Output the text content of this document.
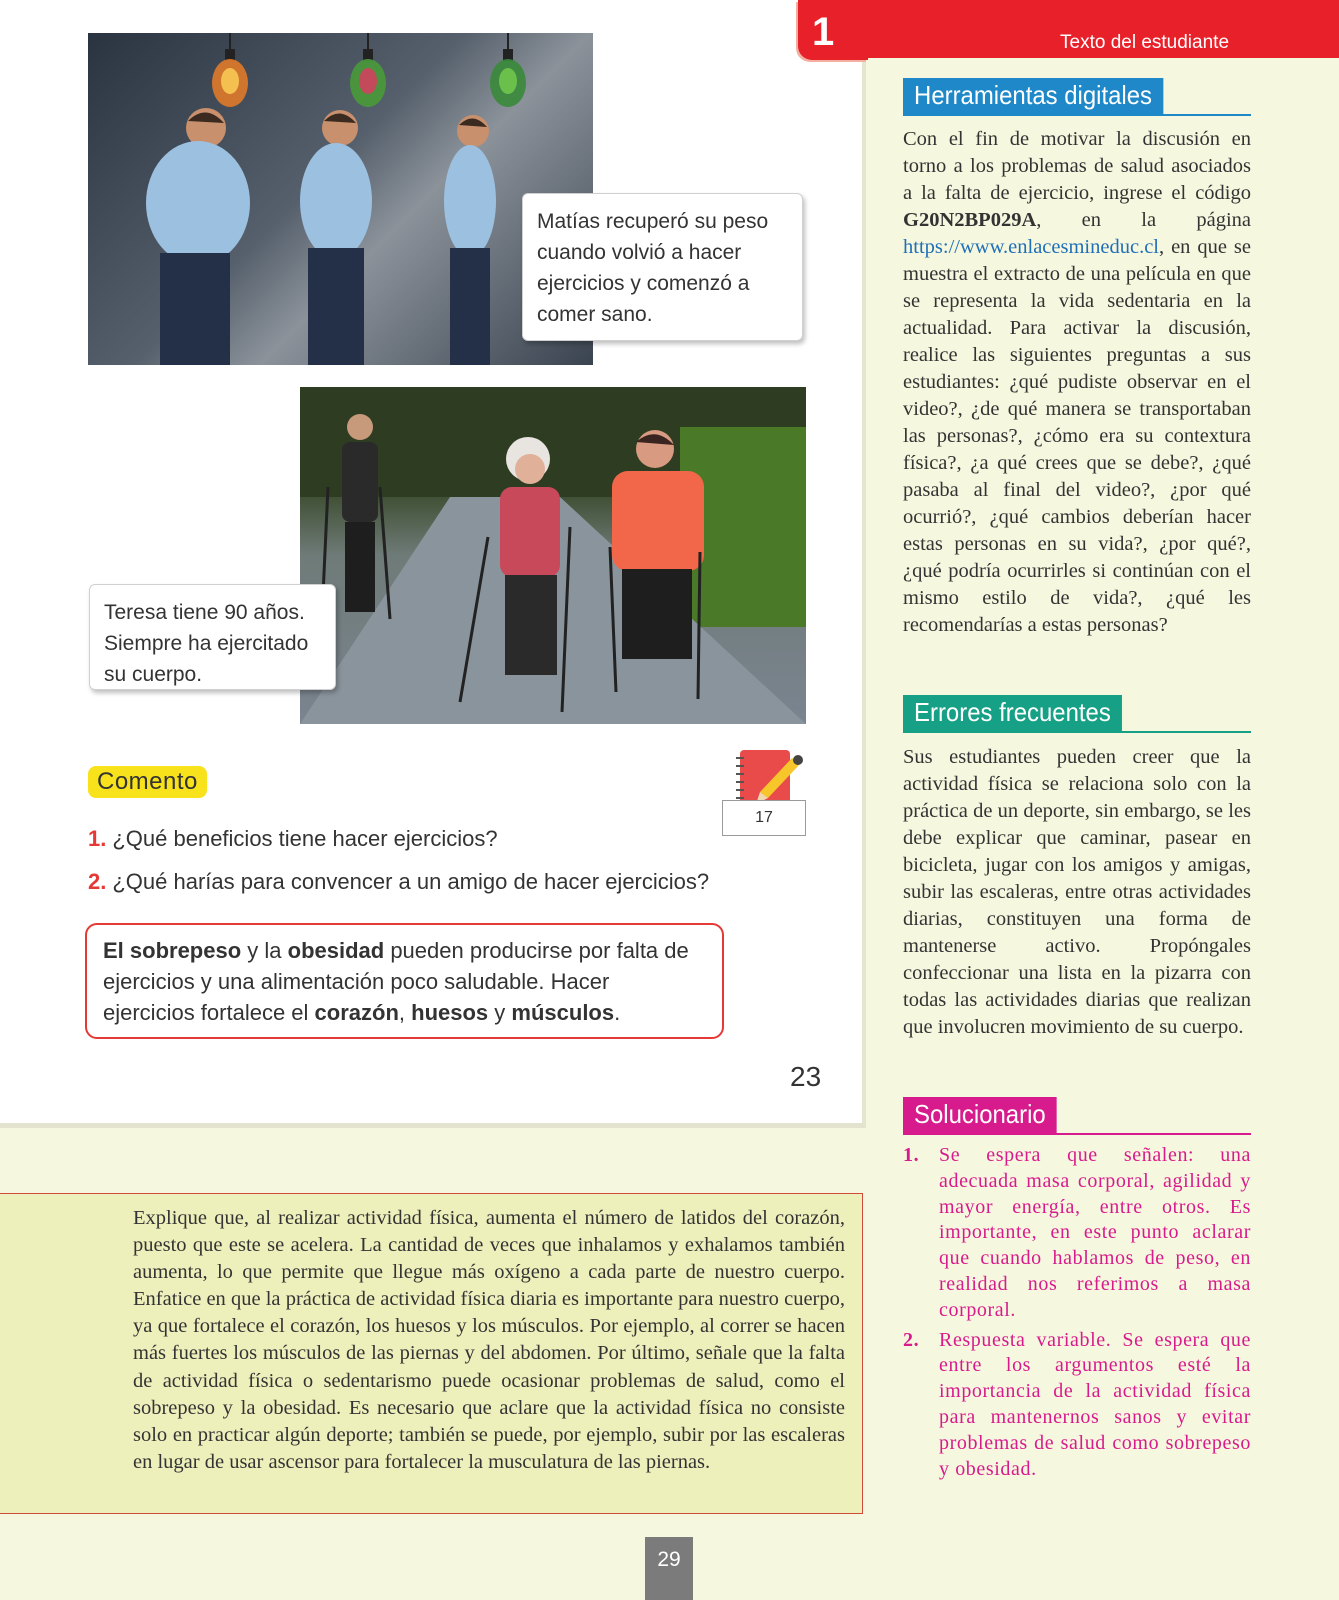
Matías recuperó su peso cuando volvió a hacer ejercicios y comenzó a comer sano.
Teresa tiene 90 años. Siempre ha ejercitado su cuerpo.
Comento
17
1. ¿Qué beneficios tiene hacer ejercicios?
2. ¿Qué harías para convencer a un amigo de hacer ejercicios?
El sobrepeso y la obesidad pueden producirse por falta de ejercicios y una alimentación poco saludable. Hacer ejercicios fortalece el corazón, huesos y músculos.
23
1	Texto del estudiante
Herramientas digitales
Con el fin de motivar la discusión en torno a los problemas de salud asociados a la falta de ejercicio, ingrese el código G20N2BP029A, en la página https://www.enlacesmineduc.cl, en que se muestra el extracto de una película en que se representa la vida sedentaria en la actualidad. Para activar la discusión, realice las siguientes preguntas a sus estudiantes: ¿qué pudiste observar en el video?, ¿de qué manera se transportaban las personas?, ¿cómo era su contextura física?, ¿a qué crees que se debe?, ¿qué pasaba al final del video?, ¿por qué ocurrió?, ¿qué cambios deberían hacer estas personas en su vida?, ¿por qué?, ¿qué podría ocurrirles si continúan con el mismo estilo de vida?, ¿qué les recomendarías a estas personas?
Errores frecuentes
Sus estudiantes pueden creer que la actividad física se relaciona solo con la práctica de un deporte, sin embargo, se les debe explicar que caminar, pasear en bicicleta, jugar con los amigos y amigas, subir las escaleras, entre otras actividades diarias, constituyen una forma de mantenerse activo. Propóngales confeccionar una lista en la pizarra con todas las actividades diarias que realizan que involucren movimiento de su cuerpo.
Solucionario
1. Se espera que señalen: una adecuada masa corporal, agilidad y mayor energía, entre otros. Es importante, en este punto aclarar que cuando hablamos de peso, en realidad nos referimos a masa corporal.
2. Respuesta variable. Se espera que entre los argumentos esté la importancia de la actividad física para mantenernos sanos y evitar problemas de salud como sobrepeso y obesidad.
Explique que, al realizar actividad física, aumenta el número de latidos del corazón, puesto que este se acelera. La cantidad de veces que inhalamos y exhalamos también aumenta, lo que permite que llegue más oxígeno a cada parte de nuestro cuerpo. Enfatice en que la práctica de actividad física diaria es importante para nuestro cuerpo, ya que fortalece el corazón, los huesos y los músculos. Por ejemplo, al correr se hacen más fuertes los músculos de las piernas y del abdomen. Por último, señale que la falta de actividad física o sedentarismo puede ocasionar problemas de salud, como el sobrepeso y la obesidad. Es necesario que aclare que la actividad física no consiste solo en practicar algún deporte; también se puede, por ejemplo, subir por las escaleras en lugar de usar ascensor para fortalecer la musculatura de las piernas.
29
